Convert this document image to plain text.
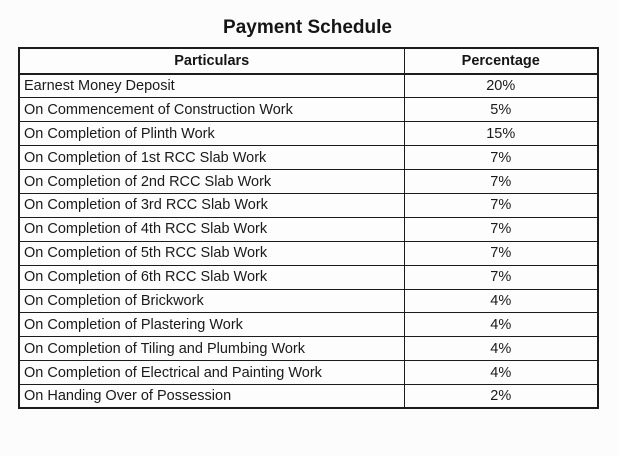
Payment Schedule
Particulars	Percentage
Earnest Money Deposit	20%
On Commencement of Construction Work	5%
On Completion of Plinth Work	15%
On Completion of 1st RCC Slab Work	7%
On Completion of 2nd RCC Slab Work	7%
On Completion of 3rd RCC Slab Work	7%
On Completion of 4th RCC Slab Work	7%
On Completion of 5th RCC Slab Work	7%
On Completion of 6th RCC Slab Work	7%
On Completion of Brickwork	4%
On Completion of Plastering Work	4%
On Completion of Tiling and Plumbing Work	4%
On Completion of Electrical and Painting Work	4%
On Handing Over of Possession	2%
